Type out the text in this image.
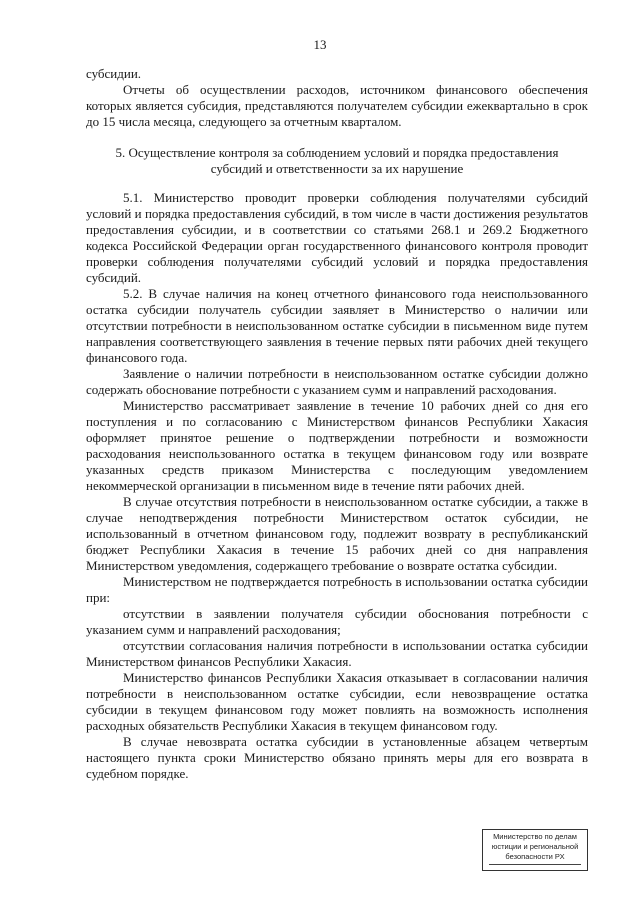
13

субсидии.

Отчеты об осуществлении расходов, источником финансового обеспечения которых является субсидия, представляются получателем субсидии ежеквартально в срок до 15 числа месяца, следующего за отчетным кварталом.

5. Осуществление контроля за соблюдением условий и порядка предоставления
субсидий и ответственности за их нарушение

5.1. Министерство проводит проверки соблюдения получателями субсидий условий и порядка предоставления субсидий, в том числе в части достижения результатов предоставления субсидии, и в соответствии со статьями 268.1 и 269.2 Бюджетного кодекса Российской Федерации орган государственного финансового контроля проводит проверки соблюдения получателями субсидий условий и порядка предоставления субсидий.

5.2. В случае наличия на конец отчетного финансового года неиспользованного остатка субсидии получатель субсидии заявляет в Министерство о наличии или отсутствии потребности в неиспользованном остатке субсидии в письменном виде путем направления соответствующего заявления в течение первых пяти рабочих дней текущего финансового года.

Заявление о наличии потребности в неиспользованном остатке субсидии должно содержать обоснование потребности с указанием сумм и направлений расходования.

Министерство рассматривает заявление в течение 10 рабочих дней со дня его поступления и по согласованию с Министерством финансов Республики Хакасия оформляет принятое решение о подтверждении потребности и возможности расходования неиспользованного остатка в текущем финансовом году или возврате указанных средств приказом Министерства с последующим уведомлением некоммерческой организации в письменном виде в течение пяти рабочих дней.

В случае отсутствия потребности в неиспользованном остатке субсидии, а также в случае неподтверждения потребности Министерством остаток субсидии, не использованный в отчетном финансовом году, подлежит возврату в республиканский бюджет Республики Хакасия в течение 15 рабочих дней со дня направления Министерством уведомления, содержащего требование о возврате остатка субсидии.

Министерством не подтверждается потребность в использовании остатка субсидии при:

отсутствии в заявлении получателя субсидии обоснования потребности с указанием сумм и направлений расходования;

отсутствии согласования наличия потребности в использовании остатка субсидии Министерством финансов Республики Хакасия.

Министерство финансов Республики Хакасия отказывает в согласовании наличия потребности в неиспользованном остатке субсидии, если невозвращение остатка субсидии в текущем финансовом году может повлиять на возможность исполнения расходных обязательств Республики Хакасия в текущем финансовом году.

В случае невозврата остатка субсидии в установленные абзацем четвертым настоящего пункта сроки Министерство обязано принять меры для его возврата в судебном порядке.

Министерство по делам
юстиции и региональной
безопасности РХ
